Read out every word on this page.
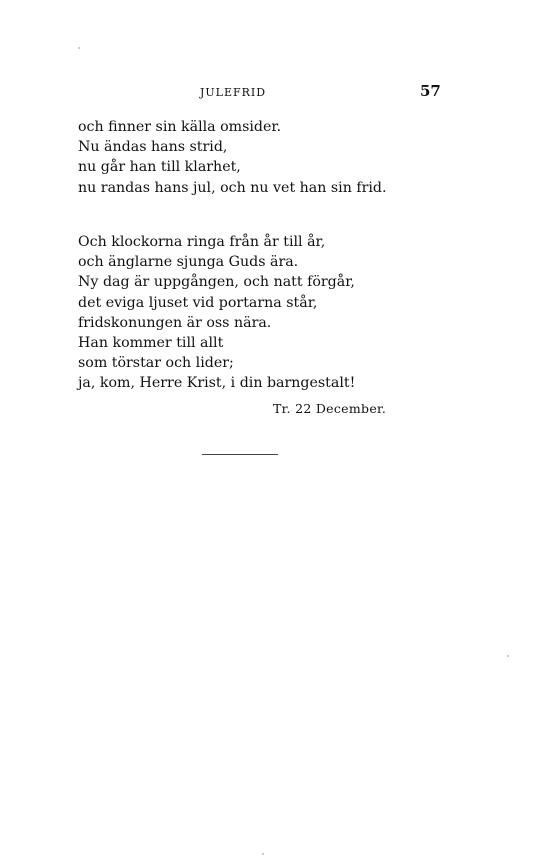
JULEFRID	57
och finner sin källa omsider.
Nu ändas hans strid,
nu går han till klarhet,
nu randas hans jul, och nu vet han sin frid.
Och klockorna ringa från år till år,
och änglarne sjunga Guds ära.
Ny dag är uppgången, och natt förgår,
det eviga ljuset vid portarna står,
fridskonungen är oss nära.
Han kommer till allt
som törstar och lider;
ja, kom, Herre Krist, i din barngestalt!
Tr. 22 December.
